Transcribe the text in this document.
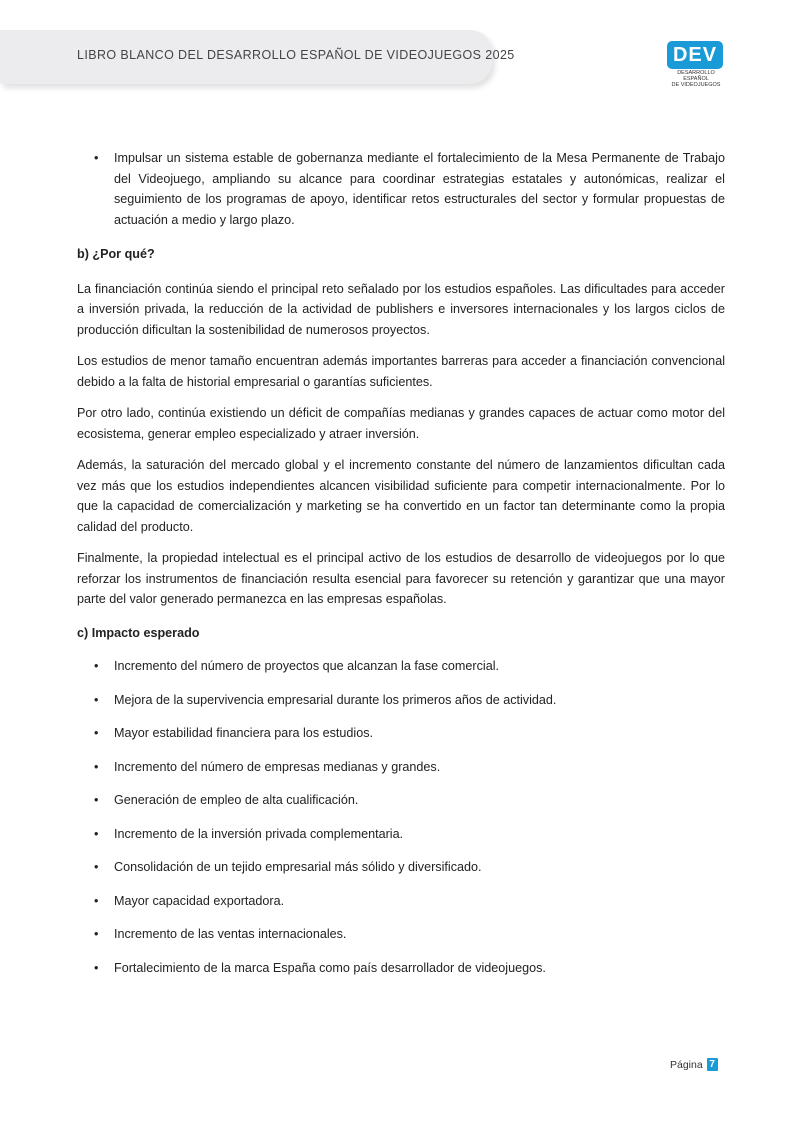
LIBRO BLANCO DEL DESARROLLO ESPAÑOL DE VIDEOJUEGOS 2025	DEV
DESARROLLO ESPAÑOL
DE VIDEOJUEGOS

• Impulsar un sistema estable de gobernanza mediante el fortalecimiento de la Mesa Permanente de Trabajo del Videojuego, ampliando su alcance para coordinar estrategias estatales y autonómicas, realizar el seguimiento de los programas de apoyo, identificar retos estructurales del sector y formular propuestas de actuación a medio y largo plazo.

b) ¿Por qué?

La financiación continúa siendo el principal reto señalado por los estudios españoles. Las dificultades para acceder a inversión privada, la reducción de la actividad de publishers e inversores internacionales y los largos ciclos de producción dificultan la sostenibilidad de numerosos proyectos.

Los estudios de menor tamaño encuentran además importantes barreras para acceder a financiación convencional debido a la falta de historial empresarial o garantías suficientes.

Por otro lado, continúa existiendo un déficit de compañías medianas y grandes capaces de actuar como motor del ecosistema, generar empleo especializado y atraer inversión.

Además, la saturación del mercado global y el incremento constante del número de lanzamientos dificultan cada vez más que los estudios independientes alcancen visibilidad suficiente para competir internacionalmente. Por lo que la capacidad de comercialización y marketing se ha convertido en un factor tan determinante como la propia calidad del producto.

Finalmente, la propiedad intelectual es el principal activo de los estudios de desarrollo de videojuegos por lo que reforzar los instrumentos de financiación resulta esencial para favorecer su retención y garantizar que una mayor parte del valor generado permanezca en las empresas españolas.

c) Impacto esperado

• Incremento del número de proyectos que alcanzan la fase comercial.

• Mejora de la supervivencia empresarial durante los primeros años de actividad.

• Mayor estabilidad financiera para los estudios.

• Incremento del número de empresas medianas y grandes.

• Generación de empleo de alta cualificación.

• Incremento de la inversión privada complementaria.

• Consolidación de un tejido empresarial más sólido y diversificado.

• Mayor capacidad exportadora.

• Incremento de las ventas internacionales.

• Fortalecimiento de la marca España como país desarrollador de videojuegos.

Página 7
